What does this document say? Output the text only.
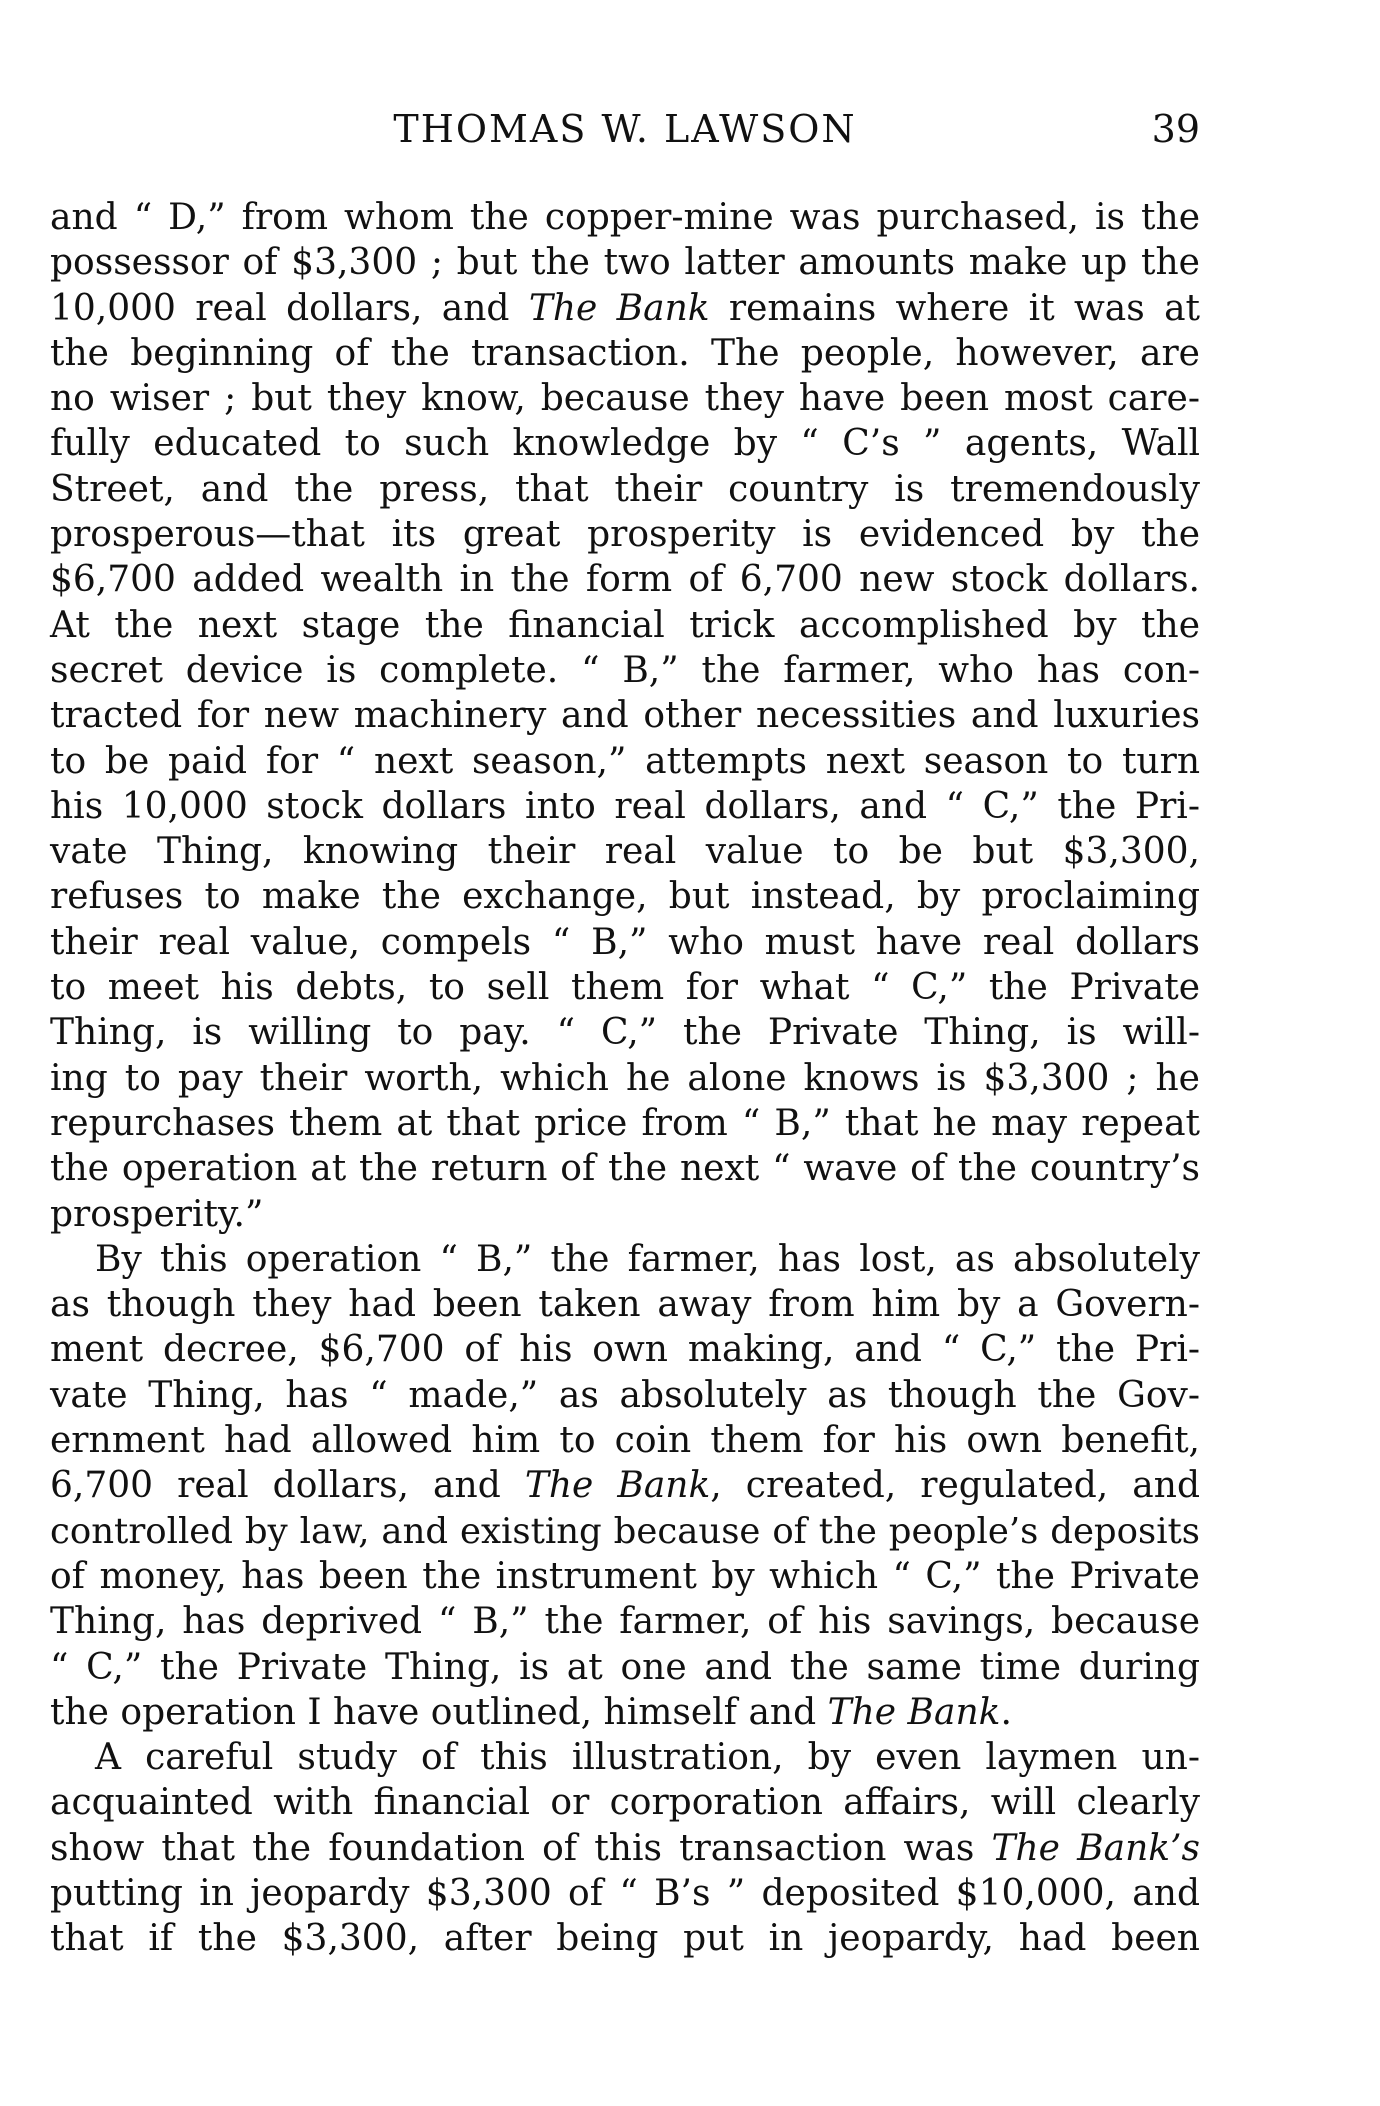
THOMAS W. LAWSON	39
and “ D,” from whom the copper-mine was purchased, is the
possessor of $3,300 ; but the two latter amounts make up the
10,000 real dollars, and The Bank remains where it was at
the beginning of the transaction. The people, however, are
no wiser ; but they know, because they have been most care-
fully educated to such knowledge by “ C’s ” agents, Wall
Street, and the press, that their country is tremendously
prosperous—that its great prosperity is evidenced by the
$6,700 added wealth in the form of 6,700 new stock dollars.
At the next stage the financial trick accomplished by the
secret device is complete. “ B,” the farmer, who has con-
tracted for new machinery and other necessities and luxuries
to be paid for “ next season,” attempts next season to turn
his 10,000 stock dollars into real dollars, and “ C,” the Pri-
vate Thing, knowing their real value to be but $3,300,
refuses to make the exchange, but instead, by proclaiming
their real value, compels “ B,” who must have real dollars
to meet his debts, to sell them for what “ C,” the Private
Thing, is willing to pay. “ C,” the Private Thing, is will-
ing to pay their worth, which he alone knows is $3,300 ; he
repurchases them at that price from “ B,” that he may repeat
the operation at the return of the next “ wave of the country’s
prosperity.”
By this operation “ B,” the farmer, has lost, as absolutely
as though they had been taken away from him by a Govern-
ment decree, $6,700 of his own making, and “ C,” the Pri-
vate Thing, has “ made,” as absolutely as though the Gov-
ernment had allowed him to coin them for his own benefit,
6,700 real dollars, and The Bank, created, regulated, and
controlled by law, and existing because of the people’s deposits
of money, has been the instrument by which “ C,” the Private
Thing, has deprived “ B,” the farmer, of his savings, because
“ C,” the Private Thing, is at one and the same time during
the operation I have outlined, himself and The Bank.
A careful study of this illustration, by even laymen un-
acquainted with financial or corporation affairs, will clearly
show that the foundation of this transaction was The Bank’s
putting in jeopardy $3,300 of “ B’s ” deposited $10,000, and
that if the $3,300, after being put in jeopardy, had been
